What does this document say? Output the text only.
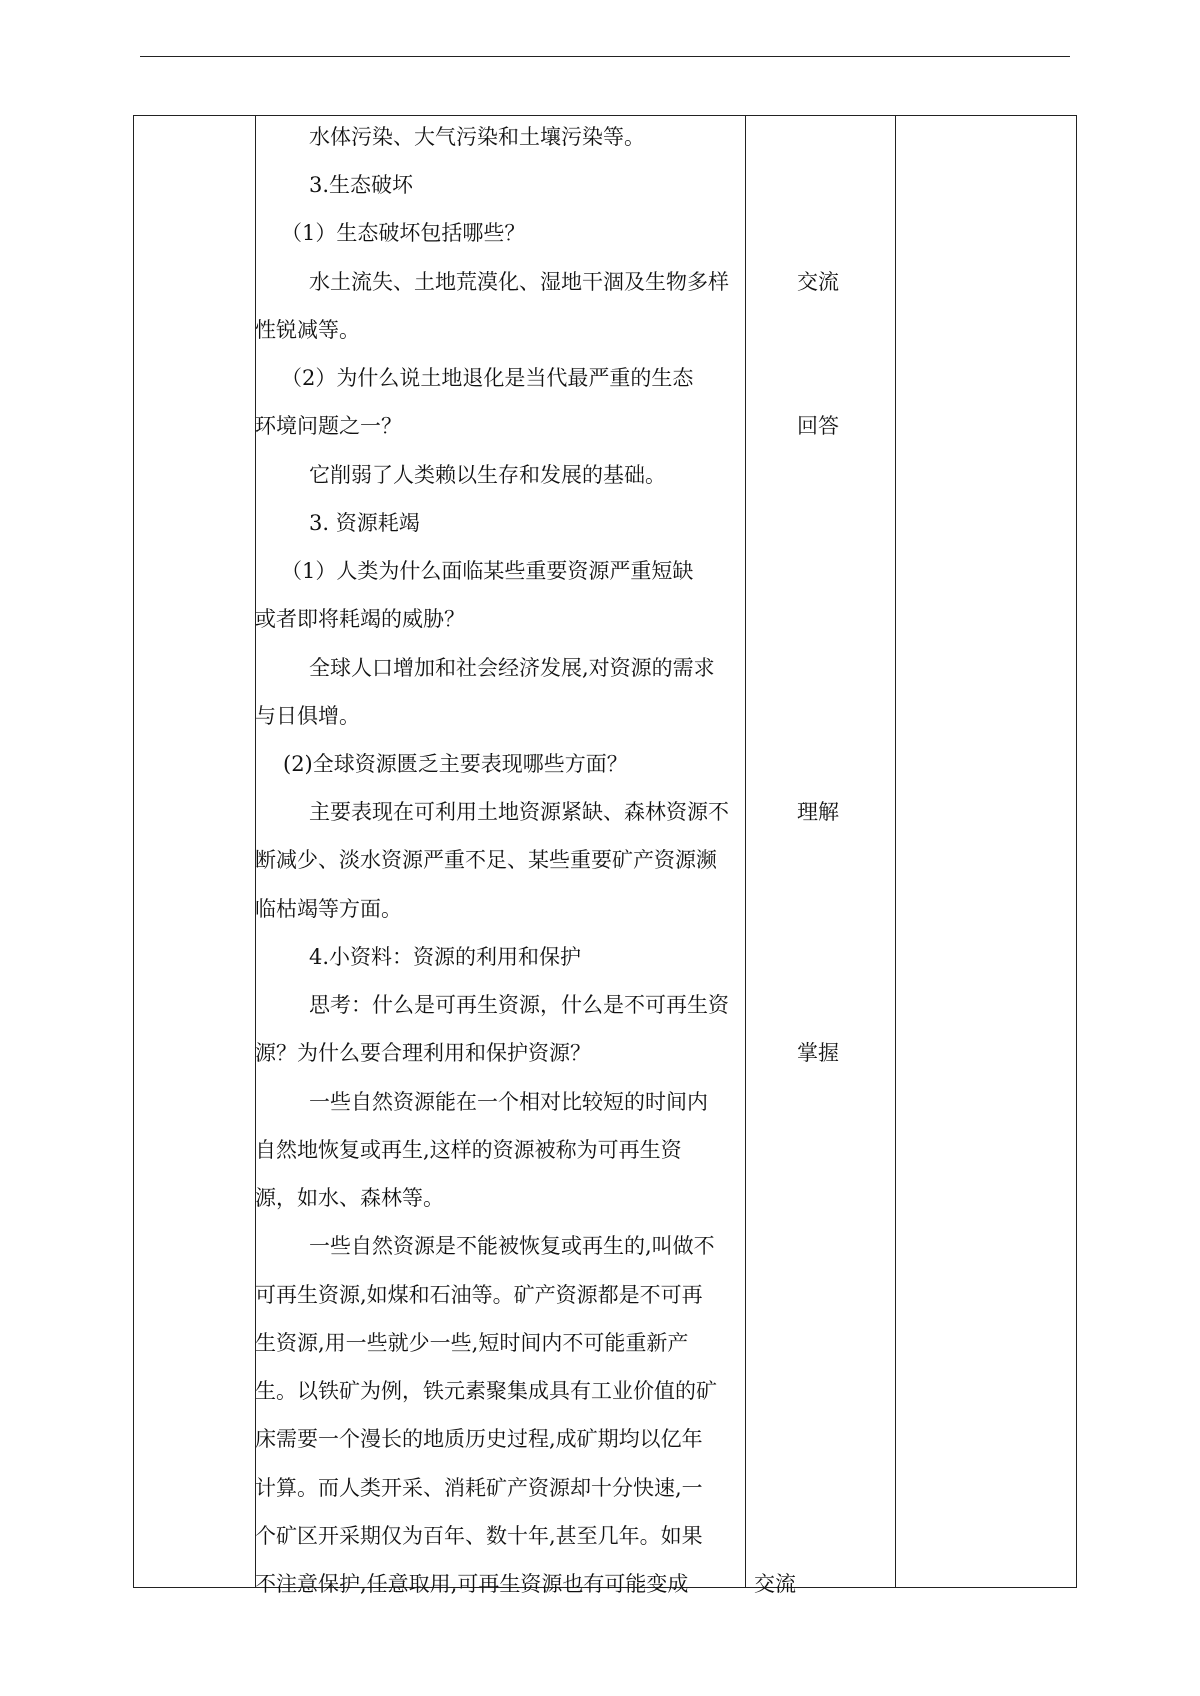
水体污染、大气污染和土壤污染等。
3.生态破坏
（1）生态破坏包括哪些？
水土流失、土地荒漠化、湿地干涸及生物多样
性锐减等。
（2）为什么说土地退化是当代最严重的生态
环境问题之一？
它削弱了人类赖以生存和发展的基础。
3. 资源耗竭
（1）人类为什么面临某些重要资源严重短缺
或者即将耗竭的威胁？
全球人口增加和社会经济发展,对资源的需求
与日俱增。
(2)全球资源匮乏主要表现哪些方面？
主要表现在可利用土地资源紧缺、森林资源不
断减少、淡水资源严重不足、某些重要矿产资源濒
临枯竭等方面。
4.小资料：资源的利用和保护
思考：什么是可再生资源，什么是不可再生资
源？为什么要合理利用和保护资源？
一些自然资源能在一个相对比较短的时间内
自然地恢复或再生,这样的资源被称为可再生资
源，如水、森林等。
一些自然资源是不能被恢复或再生的,叫做不
可再生资源,如煤和石油等。矿产资源都是不可再
生资源,用一些就少一些,短时间内不可能重新产
生。以铁矿为例，铁元素聚集成具有工业价值的矿
床需要一个漫长的地质历史过程,成矿期均以亿年
计算。而人类开采、消耗矿产资源却十分快速,一
个矿区开采期仅为百年、数十年,甚至几年。如果
不注意保护,任意取用,可再生资源也有可能变成
交流
回答
理解
掌握
交流
